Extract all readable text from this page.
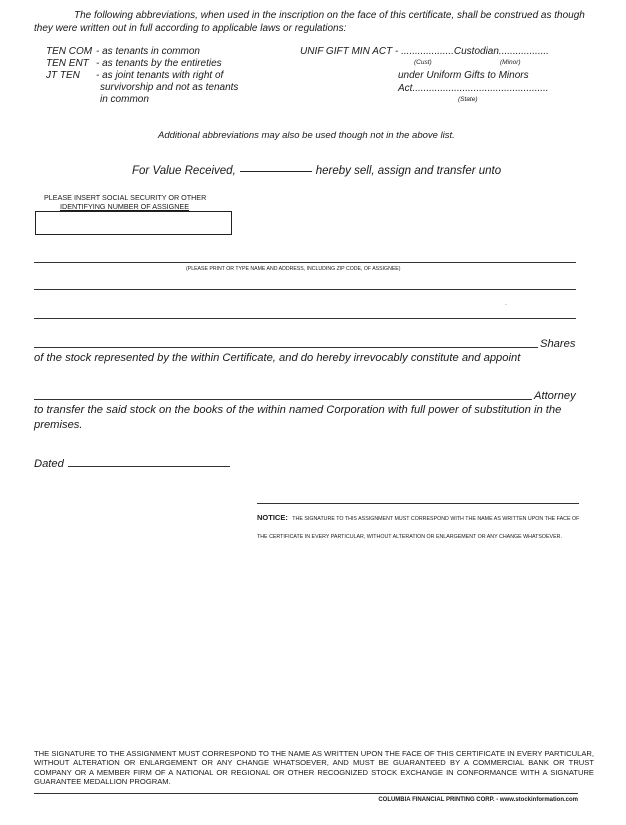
The following abbreviations, when used in the inscription on the face of this certificate, shall be construed as though they were written out in full according to applicable laws or regulations:
TEN COM - as tenants in common
TEN ENT - as tenants by the entireties
JT TEN - as joint tenants with right of
survivorship and not as tenants
in common
UNIF GIFT MIN ACT - ...................Custodian..................
(Cust)	(Minor)
under Uniform Gifts to Minors
Act.................................................
(State)
Additional abbreviations may also be used though not in the above list.
For Value Received,	hereby sell, assign and transfer unto
PLEASE INSERT SOCIAL SECURITY OR OTHER
IDENTIFYING NUMBER OF ASSIGNEE
(PLEASE PRINT OR TYPE NAME AND ADDRESS, INCLUDING ZIP CODE, OF ASSIGNEE)
·
Shares
of the stock represented by the within Certificate, and do hereby irrevocably constitute and appoint
Attorney
to transfer the said stock on the books of the within named Corporation with full power of substitution in the premises.
Dated
NOTICE: THE SIGNATURE TO THIS ASSIGNMENT MUST CORRESPOND WITH THE NAME AS WRITTEN UPON THE FACE OF THE CERTIFICATE IN EVERY PARTICULAR, WITHOUT ALTERATION OR ENLARGEMENT OR ANY CHANGE WHATSOEVER.
THE SIGNATURE TO THE ASSIGNMENT MUST CORRESPOND TO THE NAME AS WRITTEN UPON THE FACE OF THIS CERTIFICATE IN EVERY PARTICULAR, WITHOUT ALTERATION OR ENLARGEMENT OR ANY CHANGE WHATSOEVER, AND MUST BE GUARANTEED BY A COMMERCIAL BANK OR TRUST COMPANY OR A MEMBER FIRM OF A NATIONAL OR REGIONAL OR OTHER RECOGNIZED STOCK EXCHANGE IN CONFORMANCE WITH A SIGNATURE GUARANTEE MEDALLION PROGRAM.
COLUMBIA FINANCIAL PRINTING CORP. - www.stockinformation.com
